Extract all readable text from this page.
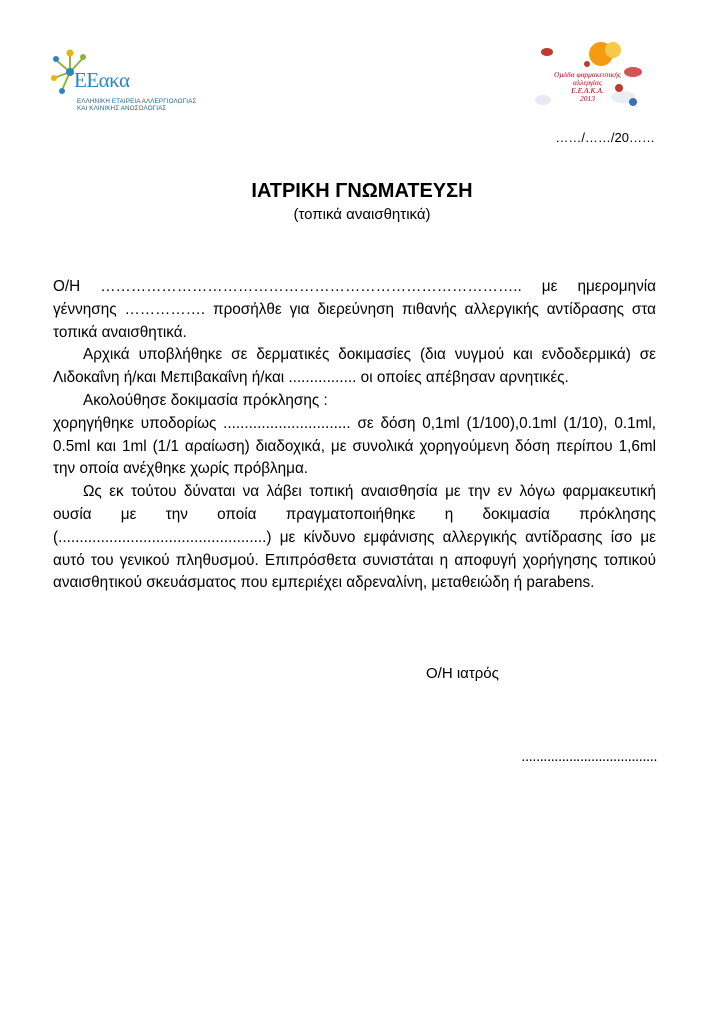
ΕΕακα
ΕΛΛΗΝΙΚΗ ΕΤΑΙΡΕΙΑ ΑΛΛΕΡΓΙΟΛΟΓΙΑΣ
ΚΑΙ ΚΛΙΝΙΚΗΣ ΑΝΟΣΟΛΟΓΙΑΣ
Ομάδα φαρμακευτικής
αλλεργίας
Ε.Ε.Α.Κ.Α.
2013
……/……/20……
ΙΑΤΡΙΚΗ ΓΝΩΜΑΤΕΥΣΗ
(τοπικά αναισθητικά)

Ο/Η ……………………………………………………………………….. με ημερομηνία γέννησης ……………. προσήλθε για διερεύνηση πιθανής αλλεργικής αντίδρασης στα τοπικά αναισθητικά.

Αρχικά υποβλήθηκε σε δερματικές δοκιμασίες (δια νυγμού και ενδοδερμικά) σε Λιδοκαΐνη ή/και Μεπιβακαΐνη ή/και ................ οι οποίες απέβησαν αρνητικές.

Ακολούθησε δοκιμασία πρόκλησης :

χορηγήθηκε υποδορίως .............................. σε δόση 0,1ml (1/100),0.1ml (1/10), 0.1ml, 0.5ml και 1ml (1/1 αραίωση) διαδοχικά, με συνολικά χορηγούμενη δόση περίπου 1,6ml την οποία ανέχθηκε χωρίς πρόβλημα.

Ως εκ τούτου δύναται να λάβει τοπική αναισθησία με την εν λόγω φαρμακευτική ουσία με την οποία πραγματοποιήθηκε η δοκιμασία πρόκλησης (.................................................) με κίνδυνο εμφάνισης αλλεργικής αντίδρασης ίσο με αυτό του γενικού πληθυσμού. Επιπρόσθετα συνιστάται η αποφυγή χορήγησης τοπικού αναισθητικού σκευάσματος που εμπεριέχει αδρεναλίνη, μεταθειώδη ή parabens.

Ο/Η ιατρός
.....................................
